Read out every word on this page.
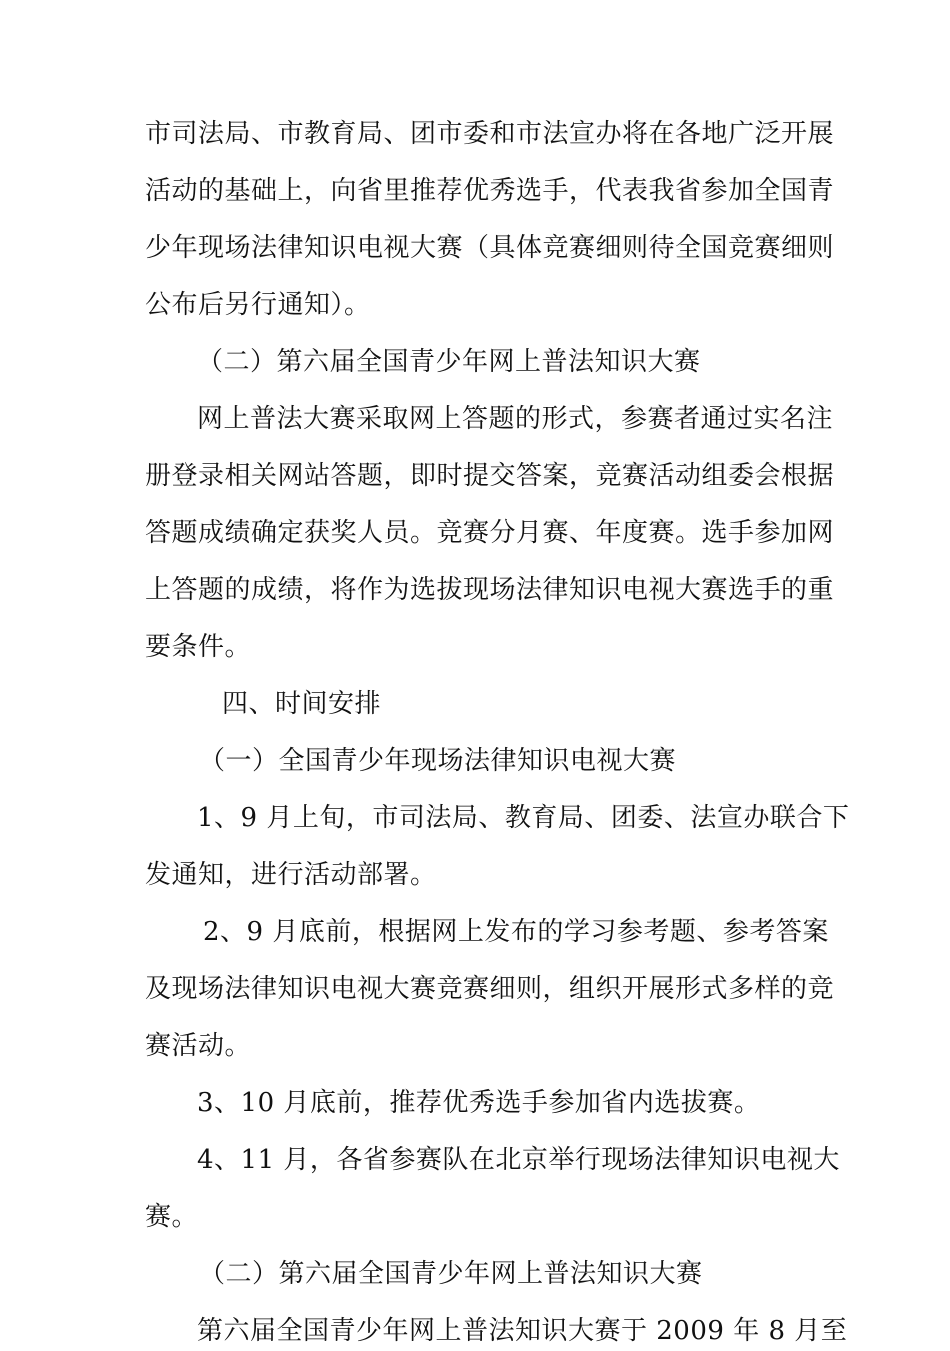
市司法局、市教育局、团市委和市法宣办将在各地广泛开展
活动的基础上，向省里推荐优秀选手，代表我省参加全国青
少年现场法律知识电视大赛（具体竞赛细则待全国竞赛细则
公布后另行通知）。
（二）第六届全国青少年网上普法知识大赛
网上普法大赛采取网上答题的形式，参赛者通过实名注
册登录相关网站答题，即时提交答案，竞赛活动组委会根据
答题成绩确定获奖人员。竞赛分月赛、年度赛。选手参加网
上答题的成绩，将作为选拔现场法律知识电视大赛选手的重
要条件。
四、时间安排
（一）全国青少年现场法律知识电视大赛
1、9 月上旬，市司法局、教育局、团委、法宣办联合下
发通知，进行活动部署。
2、9 月底前，根据网上发布的学习参考题、参考答案
及现场法律知识电视大赛竞赛细则，组织开展形式多样的竞
赛活动。
3、10 月底前，推荐优秀选手参加省内选拔赛。
4、11 月，各省参赛队在北京举行现场法律知识电视大
赛。
（二）第六届全国青少年网上普法知识大赛
第六届全国青少年网上普法知识大赛于 2009 年 8 月至
